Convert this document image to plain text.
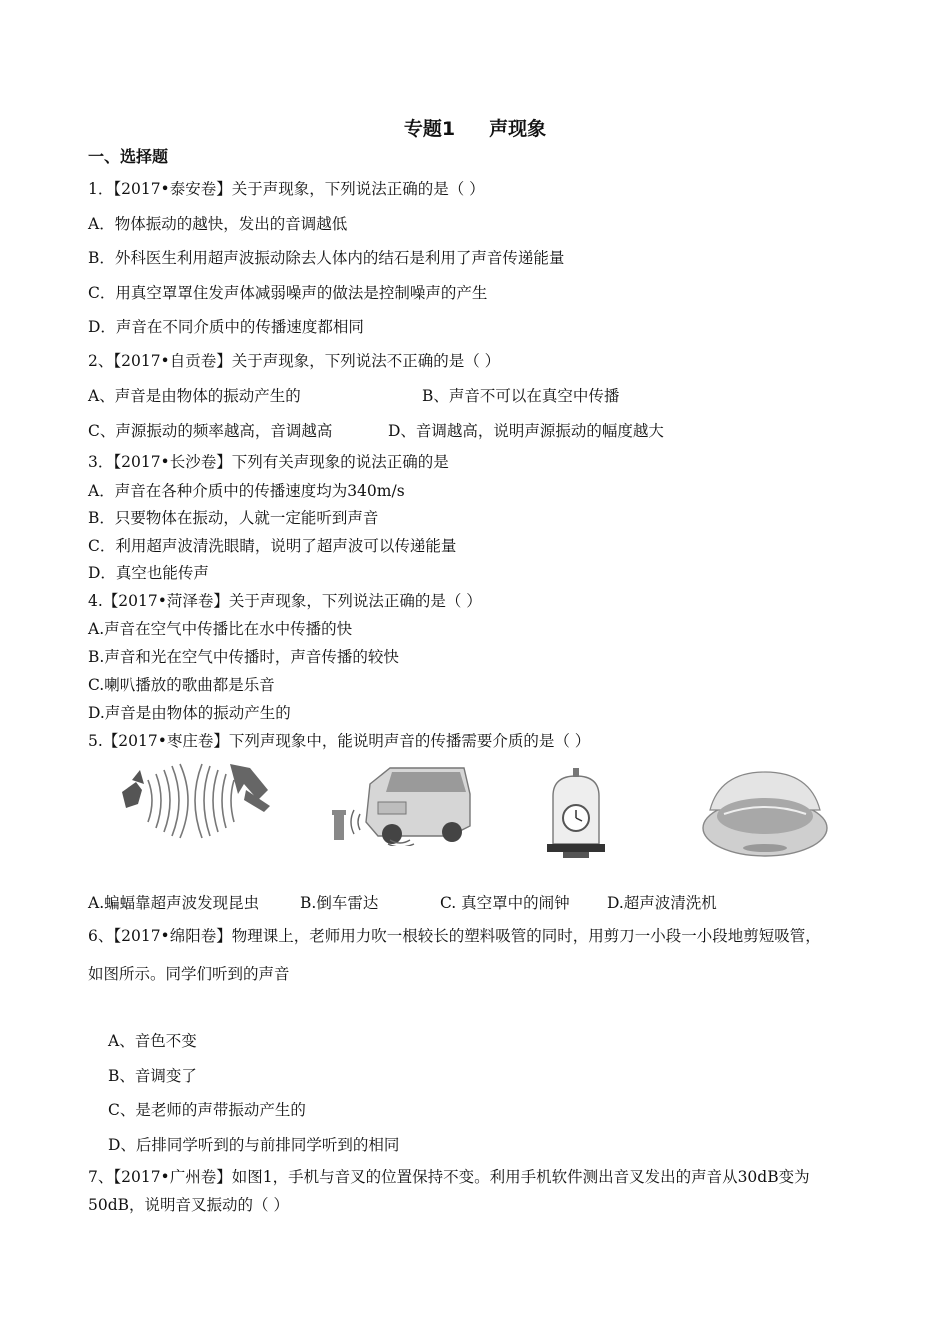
专题1 声现象
一、选择题
1．【2017•泰安卷】关于声现象，下列说法正确的是（ ）
A．物体振动的越快，发出的音调越低
B．外科医生利用超声波振动除去人体内的结石是利用了声音传递能量
C．用真空罩罩住发声体减弱噪声的做法是控制噪声的产生
D．声音在不同介质中的传播速度都相同
2、【2017•自贡卷】关于声现象，下列说法不正确的是（ ）
A、声音是由物体的振动产生的	B、声音不可以在真空中传播
C、声源振动的频率越高，音调越高	D、音调越高，说明声源振动的幅度越大
3．【2017•长沙卷】下列有关声现象的说法正确的是
A．声音在各种介质中的传播速度均为340m/s
B．只要物体在振动，人就一定能听到声音
C．利用超声波清洗眼睛，说明了超声波可以传递能量
D．真空也能传声
4.【2017•菏泽卷】关于声现象，下列说法正确的是（ ）
A.声音在空气中传播比在水中传播的快
B.声音和光在空气中传播时，声音传播的较快
C.喇叭播放的歌曲都是乐音
D.声音是由物体的振动产生的
5.【2017•枣庄卷】下列声现象中，能说明声音的传播需要介质的是（ ）
A.蝙蝠靠超声波发现昆虫	B.倒车雷达	C. 真空罩中的闹钟 D.超声波清洗机
6、【2017•绵阳卷】物理课上，老师用力吹一根较长的塑料吸管的同时，用剪刀一小段一小段地剪短吸管，
如图所示。同学们听到的声音
A、音色不变
B、音调变了
C、是老师的声带振动产生的
D、后排同学听到的与前排同学听到的相同
7、【2017•广州卷】如图1，手机与音叉的位置保持不变。利用手机软件测出音叉发出的声音从30dB变为
50dB，说明音叉振动的（ ）
